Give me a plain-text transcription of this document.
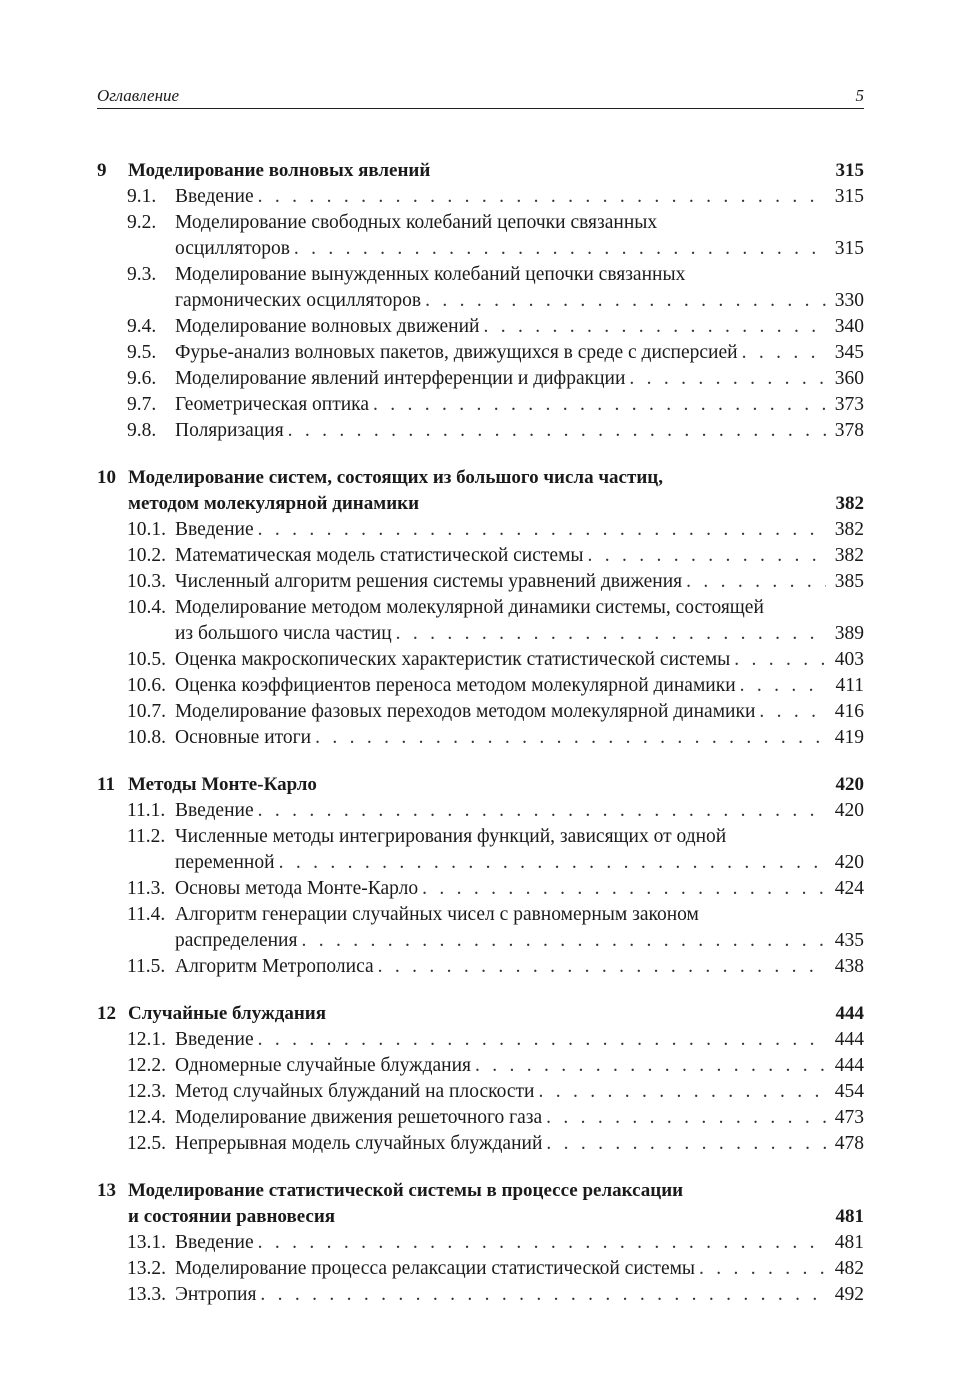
Оглавление	5
9 Моделирование волновых явлений	315
9.1. Введение . . .	315
9.2. Моделирование свободных колебаний цепочки связанных
осцилляторов . . .	315
9.3. Моделирование вынужденных колебаний цепочки связанных
гармонических осцилляторов . . .	330
9.4. Моделирование волновых движений . . .	340
9.5. Фурье-анализ волновых пакетов, движущихся в среде с дисперсией . . .	345
9.6. Моделирование явлений интерференции и дифракции . . .	360
9.7. Геометрическая оптика . . .	373
9.8. Поляризация . . .	378
10 Моделирование систем, состоящих из большого числа частиц,
методом молекулярной динамики	382
10.1. Введение . . .	382
10.2. Математическая модель статистической системы . . .	382
10.3. Численный алгоритм решения системы уравнений движения . . .	385
10.4. Моделирование методом молекулярной динамики системы, состоящей
из большого числа частиц . . .	389
10.5. Оценка макроскопических характеристик статистической системы . . .	403
10.6. Оценка коэффициентов переноса методом молекулярной динамики . . .	411
10.7. Моделирование фазовых переходов методом молекулярной динамики . . .	416
10.8. Основные итоги . . .	419
11 Методы Монте-Карло	420
11.1. Введение . . .	420
11.2. Численные методы интегрирования функций, зависящих от одной
переменной . . .	420
11.3. Основы метода Монте-Карло . . .	424
11.4. Алгоритм генерации случайных чисел с равномерным законом
распределения . . .	435
11.5. Алгоритм Метрополиса . . .	438
12 Случайные блуждания	444
12.1. Введение . . .	444
12.2. Одномерные случайные блуждания . . .	444
12.3. Метод случайных блужданий на плоскости . . .	454
12.4. Моделирование движения решеточного газа . . .	473
12.5. Непрерывная модель случайных блужданий . . .	478
13 Моделирование статистической системы в процессе релаксации
и состоянии равновесия	481
13.1. Введение . . .	481
13.2. Моделирование процесса релаксации статистической системы . . .	482
13.3. Энтропия . . .	492
